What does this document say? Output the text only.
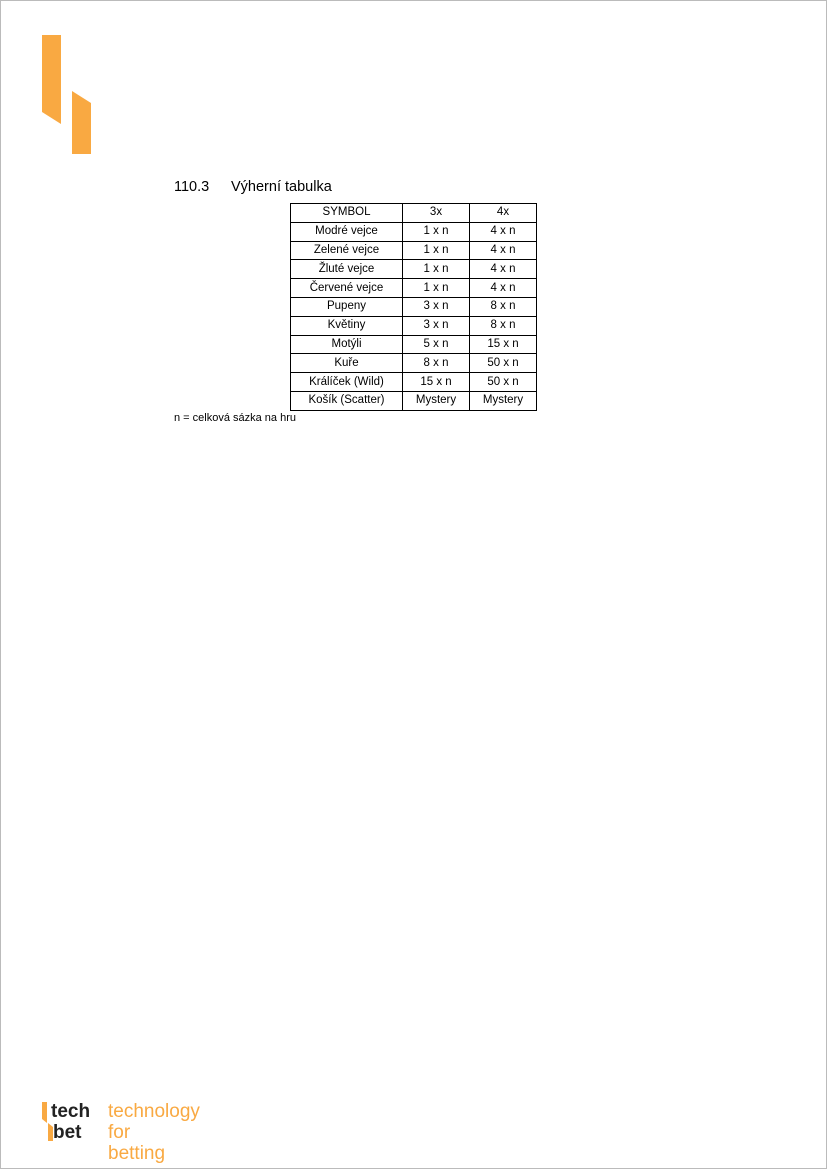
110.3 Výherní tabulka
SYMBOL	3x	4x
Modré vejce	1 x n	4 x n
Zelené vejce	1 x n	4 x n
Žluté vejce	1 x n	4 x n
Červené vejce	1 x n	4 x n
Pupeny	3 x n	8 x n
Květiny	3 x n	8 x n
Motýli	5 x n	15 x n
Kuře	8 x n	50 x n
Králíček (Wild)	15 x n	50 x n
Košík (Scatter)	Mystery	Mystery
n = celková sázka na hru
tech
bet
technology
for betting
